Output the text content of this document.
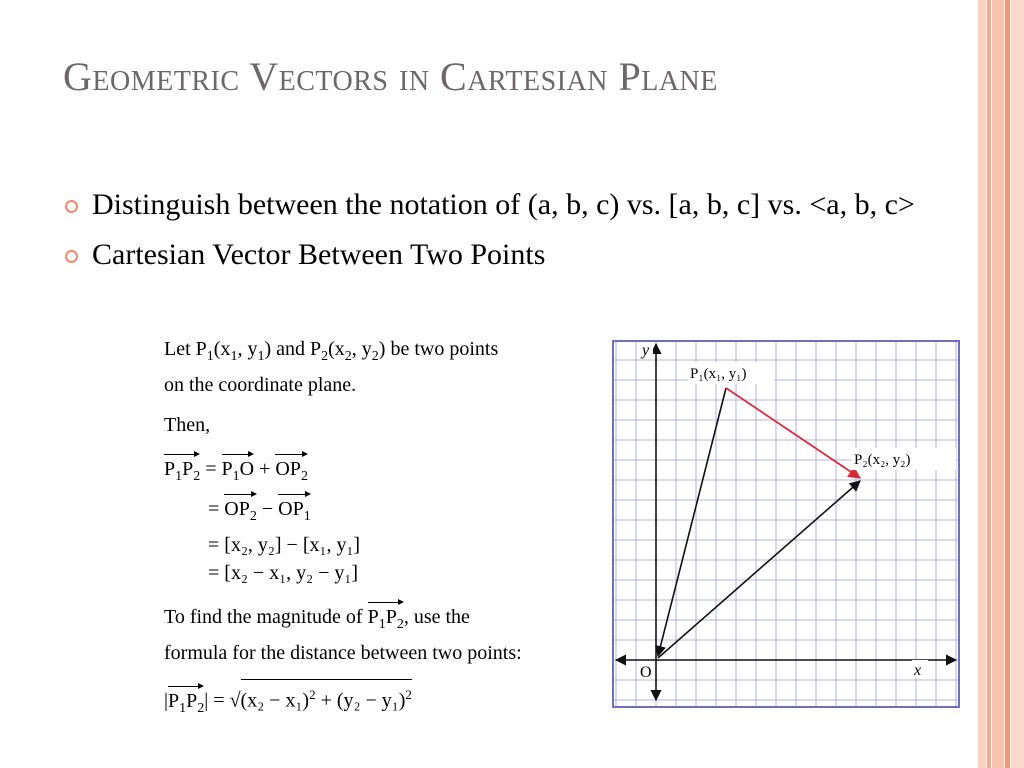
Geometric Vectors in Cartesian Plane
Distinguish between the notation of (a, b, c) vs. [a, b, c] vs. <a, b, c>
Cartesian Vector Between Two Points

Let $P_1(x_1$, $y_1$) and $P_2(x_2$, $y_2$) be two points

on the coordinate plane.

Then,

$P_1P_2 = P_1O + OP_2$

= $OP_2 - OP_1$

= [x₂, y₂] − [x₁, y₁]

= [x₂ − x₁, y₂ − y₁]

To find the magnitude of $P_1P_2$, use the

formula for the distance between two points:

$|P_1P_2| = √(x_2 - x_1)^2 + (y_2 - y_1)^2$

y
x
O
P₁(x₁, y₁)
P₂(x₂, y₂)
